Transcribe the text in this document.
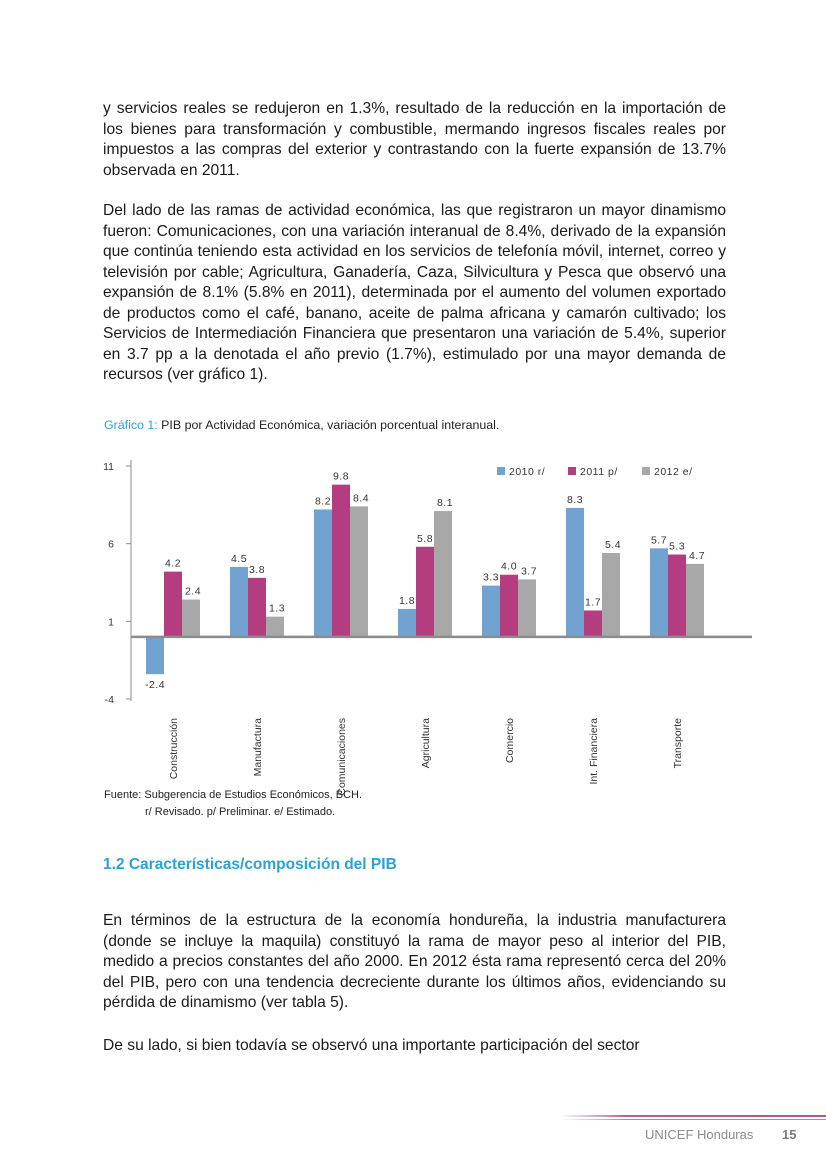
y servicios reales se redujeron en 1.3%, resultado de la reducción en la importación de los bienes para transformación y combustible, mermando ingresos fiscales reales por impuestos a las compras del exterior y contrastando con la fuerte expansión de 13.7% observada en 2011.

Del lado de las ramas de actividad económica, las que registraron un mayor dinamismo fueron: Comunicaciones, con una variación interanual de 8.4%, derivado de la expansión que continúa teniendo esta actividad en los servicios de telefonía móvil, internet, correo y televisión por cable; Agricultura, Ganadería, Caza, Silvicultura y Pesca que observó una expansión de 8.1% (5.8% en 2011), determinada por el aumento del volumen exportado de productos como el café, banano, aceite de palma africana y camarón cultivado; los Servicios de Intermediación Financiera que presentaron una variación de 5.4%, superior en 3.7 pp a la denotada el año previo (1.7%), estimulado por una mayor demanda de recursos (ver gráfico 1).

Gráfico 1: PIB por Actividad Económica, variación porcentual interanual.
11
6
1
-4
-2.4
4.2
2.4
4.5
3.8
1.3
8.2
9.8
8.4
1.8
5.8
8.1
3.3
4.0 3.7
8.3
1.7
5.4	5.7
5.3
4.7
Construcción	Manufactura	Comunicaciones	Agricultura	Comercio	Int. Financiera	Transporte
2010 r/	2011 p/	2012 e/
Fuente: Subgerencia de Estudios Económicos, BCH.
r/ Revisado. p/ Preliminar. e/ Estimado.
1.2 Características/composición del PIB

En términos de la estructura de la economía hondureña, la industria manufacturera (donde se incluye la maquila) constituyó la rama de mayor peso al interior del PIB, medido a precios constantes del año 2000. En 2012 ésta rama representó cerca del 20% del PIB, pero con una tendencia decreciente durante los últimos años, evidenciando su pérdida de dinamismo (ver tabla 5).

De su lado, si bien todavía se observó una importante participación del sector

UNICEF Honduras 15
